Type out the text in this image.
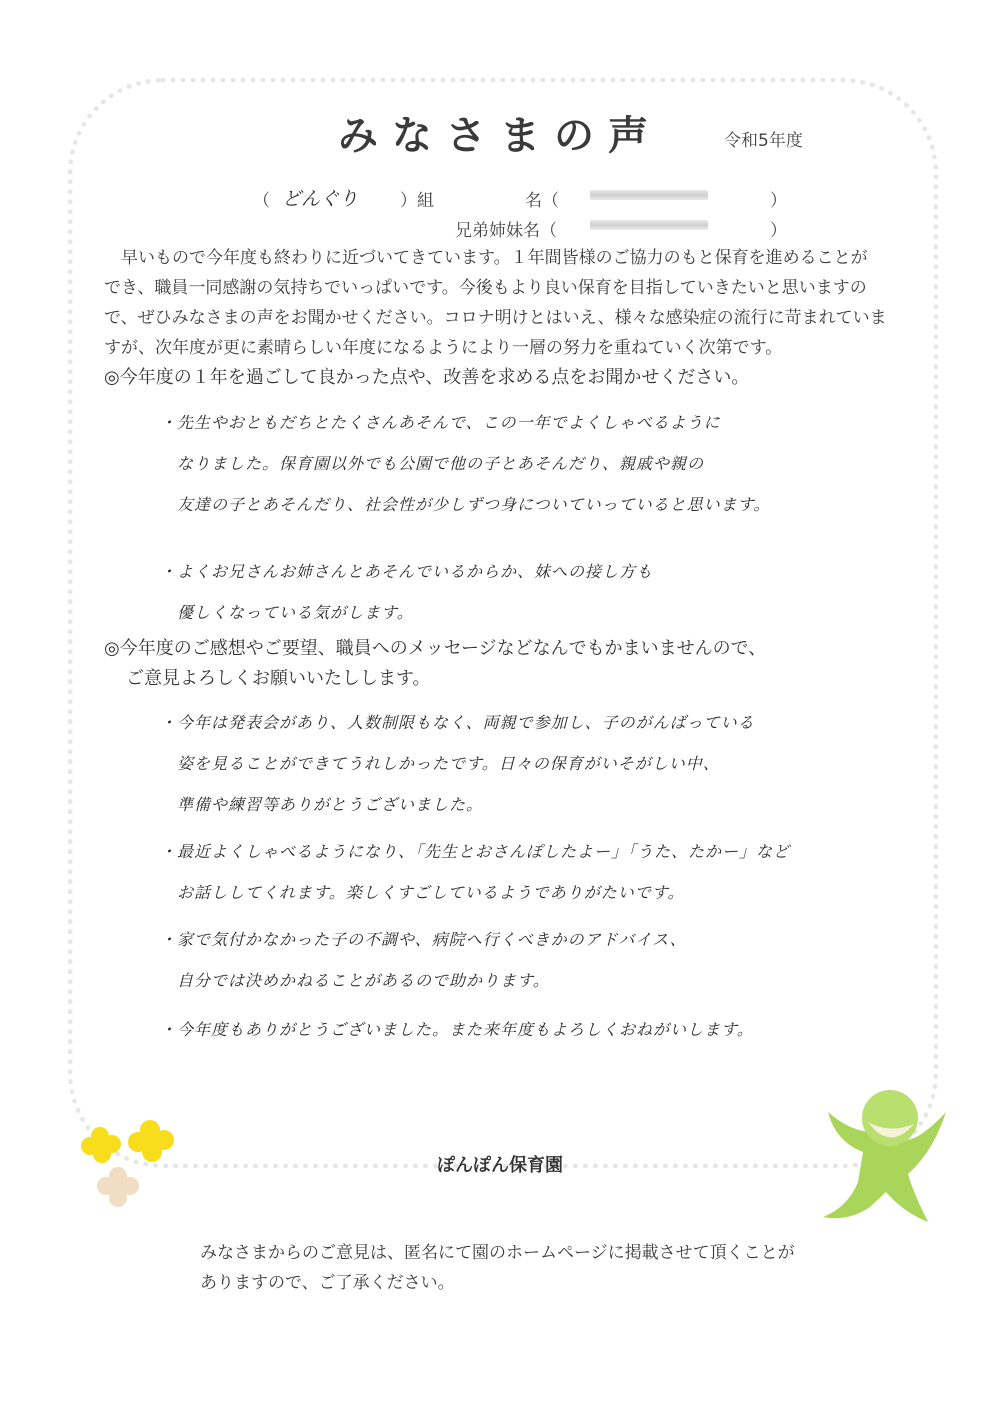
みなさまの声	令和5年度
（ どんぐり ）組	名（	）
兄弟姉妹名（	）

早いもので今年度も終わりに近づいてきています。１年間皆様のご協力のもと保育を進めることが
でき、職員一同感謝の気持ちでいっぱいです。今後もより良い保育を目指していきたいと思いますの
で、ぜひみなさまの声をお聞かせください。コロナ明けとはいえ、様々な感染症の流行に苛まれていま
すが、次年度が更に素晴らしい年度になるようにより一層の努力を重ねていく次第です。

◎今年度の１年を過ごして良かった点や、改善を求める点をお聞かせください。
・先生やおともだちとたくさんあそんで、この一年でよくしゃべるように
　なりました。保育園以外でも公園で他の子とあそんだり、親戚や親の
　友達の子とあそんだり、社会性が少しずつ身についていっていると思います。
・よくお兄さんお姉さんとあそんでいるからか、妹への接し方も
　優しくなっている気がします。
◎今年度のご感想やご要望、職員へのメッセージなどなんでもかまいませんので、
ご意見よろしくお願いいたしします。
・今年は発表会があり、人数制限もなく、両親で参加し、子のがんばっている
　姿を見ることができてうれしかったです。日々の保育がいそがしい中、
　準備や練習等ありがとうございました。
・最近よくしゃべるようになり、「先生とおさんぽしたよー」「うた、たかー」など
　お話ししてくれます。楽しくすごしているようでありがたいです。
・家で気付かなかった子の不調や、病院へ行くべきかのアドバイス、
　自分では決めかねることがあるので助かります。
・今年度もありがとうございました。また来年度もよろしくおねがいします。
ぽんぽん保育園
みなさまからのご意見は、匿名にて園のホームページに掲載させて頂くことが
ありますので、ご了承ください。
